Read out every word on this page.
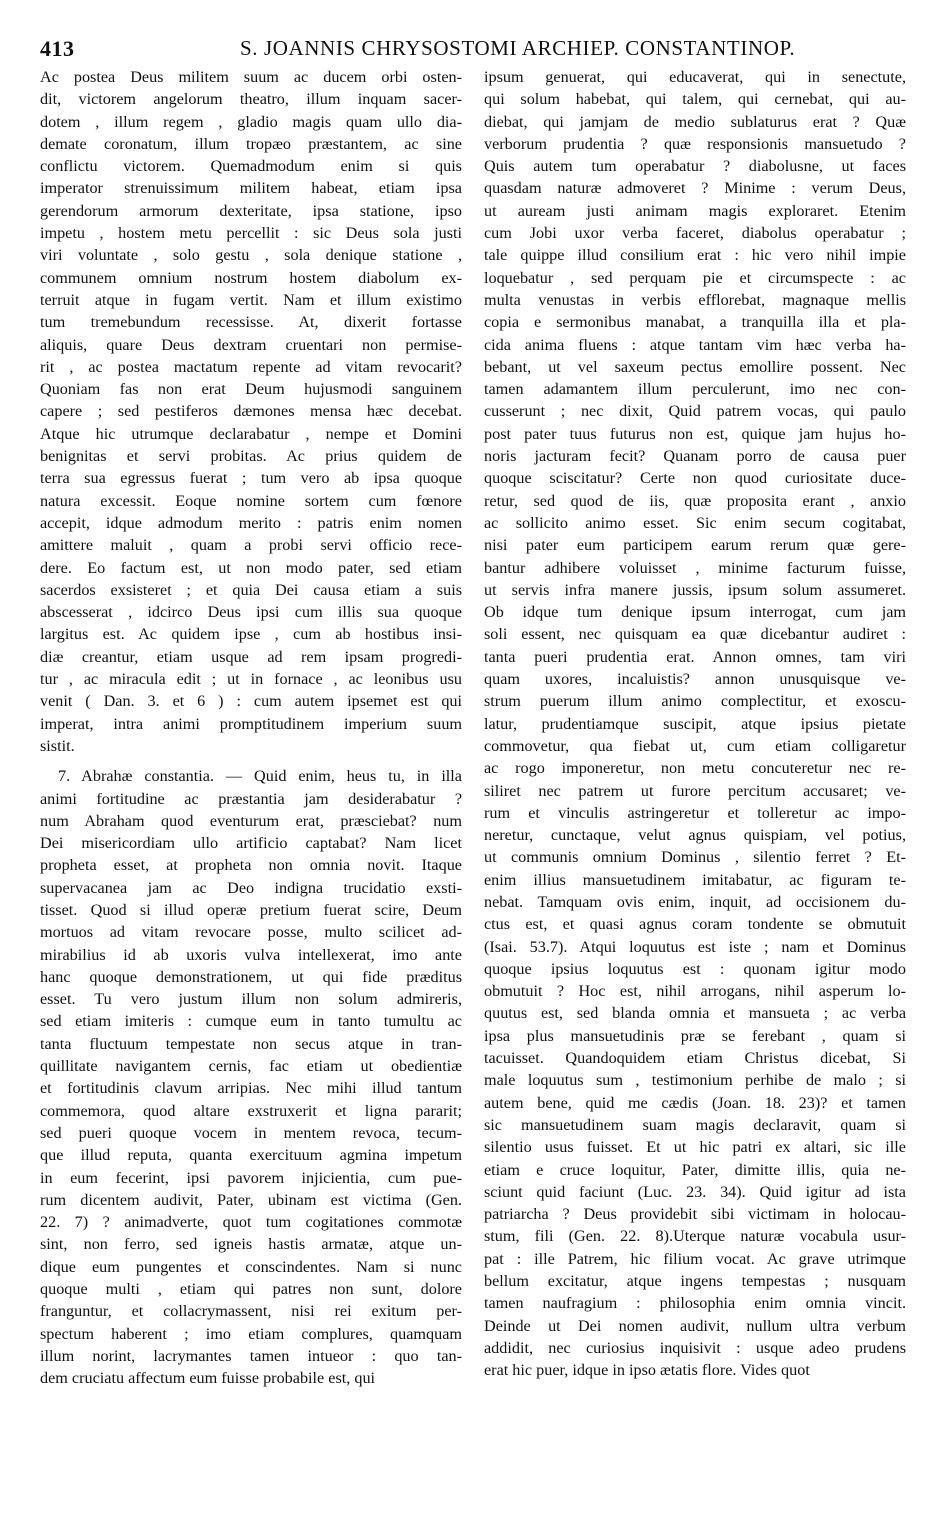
413	S. JOANNIS CHRYSOSTOMI ARCHIEP. CONSTANTINOP.
Ac postea Deus militem suum ac ducem orbi osten-
dit, victorem angelorum theatro, illum inquam sacer-
dotem , illum regem , gladio magis quam ullo dia-
demate coronatum, illum tropæo præstantem, ac sine
conflictu victorem. Quemadmodum enim si quis
imperator strenuissimum militem habeat, etiam ipsa
gerendorum armorum dexteritate, ipsa statione, ipso
impetu , hostem metu percellit : sic Deus sola justi
viri voluntate , solo gestu , sola denique statione ,
communem omnium nostrum hostem diabolum ex-
terruit atque in fugam vertit. Nam et illum existimo
tum tremebundum recessisse. At, dixerit fortasse
aliquis, quare Deus dextram cruentari non permise-
rit , ac postea mactatum repente ad vitam revocarit?
Quoniam fas non erat Deum hujusmodi sanguinem
capere ; sed pestiferos dæmones mensa hæc decebat.
Atque hic utrumque declarabatur , nempe et Domini
benignitas et servi probitas. Ac prius quidem de
terra sua egressus fuerat ; tum vero ab ipsa quoque
natura excessit. Eoque nomine sortem cum fœnore
accepit, idque admodum merito : patris enim nomen
amittere maluit , quam a probi servi officio rece-
dere. Eo factum est, ut non modo pater, sed etiam
sacerdos exsisteret ; et quia Dei causa etiam a suis
abscesserat , idcirco Deus ipsi cum illis sua quoque
largitus est. Ac quidem ipse , cum ab hostibus insi-
diæ creantur, etiam usque ad rem ipsam progredi-
tur , ac miracula edit ; ut in fornace , ac leonibus usu
venit ( Dan. 3. et 6 ) : cum autem ipsemet est qui
imperat, intra animi promptitudinem imperium suum
sistit.
7. Abrahæ constantia. — Quid enim, heus tu, in illa
animi fortitudine ac præstantia jam desiderabatur ?
num Abraham quod eventurum erat, præsciebat? num
Dei misericordiam ullo artificio captabat? Nam licet
propheta esset, at propheta non omnia novit. Itaque
supervacanea jam ac Deo indigna trucidatio exsti-
tisset. Quod si illud operæ pretium fuerat scire, Deum
mortuos ad vitam revocare posse, multo scilicet ad-
mirabilius id ab uxoris vulva intellexerat, imo ante
hanc quoque demonstrationem, ut qui fide præditus
esset. Tu vero justum illum non solum admireris,
sed etiam imiteris : cumque eum in tanto tumultu ac
tanta fluctuum tempestate non secus atque in tran-
quillitate navigantem cernis, fac etiam ut obedientiæ
et fortitudinis clavum arripias. Nec mihi illud tantum
commemora, quod altare exstruxerit et ligna pararit;
sed pueri quoque vocem in mentem revoca, tecum-
que illud reputa, quanta exercituum agmina impetum
in eum fecerint, ipsi pavorem injicientia, cum pue-
rum dicentem audivit, Pater, ubinam est victima (Gen.
22. 7) ? animadverte, quot tum cogitationes commotæ
sint, non ferro, sed igneis hastis armatæ, atque un-
dique eum pungentes et conscindentes. Nam si nunc
quoque multi , etiam qui patres non sunt, dolore
franguntur, et collacrymassent, nisi rei exitum per-
spectum haberent ; imo etiam complures, quamquam
illum norint, lacrymantes tamen intueor : quo tan-
dem cruciatu affectum eum fuisse probabile est, qui
ipsum genuerat, qui educaverat, qui in senectute,
qui solum habebat, qui talem, qui cernebat, qui au-
diebat, qui jamjam de medio sublaturus erat ? Quæ
verborum prudentia ? quæ responsionis mansuetudo ?
Quis autem tum operabatur ? diabolusne, ut faces
quasdam naturæ admoveret ? Minime : verum Deus,
ut auream justi animam magis exploraret. Etenim
cum Jobi uxor verba faceret, diabolus operabatur ;
tale quippe illud consilium erat : hic vero nihil impie
loquebatur , sed perquam pie et circumspecte : ac
multa venustas in verbis efflorebat, magnaque mellis
copia e sermonibus manabat, a tranquilla illa et pla-
cida anima fluens : atque tantam vim hæc verba ha-
bebant, ut vel saxeum pectus emollire possent. Nec
tamen adamantem illum perculerunt, imo nec con-
cusserunt ; nec dixit, Quid patrem vocas, qui paulo
post pater tuus futurus non est, quique jam hujus ho-
noris jacturam fecit? Quanam porro de causa puer
quoque sciscitatur? Certe non quod curiositate duce-
retur, sed quod de iis, quæ proposita erant , anxio
ac sollicito animo esset. Sic enim secum cogitabat,
nisi pater eum participem earum rerum quæ gere-
bantur adhibere voluisset , minime facturum fuisse,
ut servis infra manere jussis, ipsum solum assumeret.
Ob idque tum denique ipsum interrogat, cum jam
soli essent, nec quisquam ea quæ dicebantur audiret :
tanta pueri prudentia erat. Annon omnes, tam viri
quam uxores, incaluistis? annon unusquisque ve-
strum puerum illum animo complectitur, et exoscu-
latur, prudentiamque suscipit, atque ipsius pietate
commovetur, qua fiebat ut, cum etiam colligaretur
ac rogo imponeretur, non metu concuteretur nec re-
siliret nec patrem ut furore percitum accusaret; ve-
rum et vinculis astringeretur et tolleretur ac impo-
neretur, cunctaque, velut agnus quispiam, vel potius,
ut communis omnium Dominus , silentio ferret ? Et-
enim illius mansuetudinem imitabatur, ac figuram te-
nebat. Tamquam ovis enim, inquit, ad occisionem du-
ctus est, et quasi agnus coram tondente se obmutuit
(Isai. 53.7). Atqui loquutus est iste ; nam et Dominus
quoque ipsius loquutus est : quonam igitur modo
obmutuit ? Hoc est, nihil arrogans, nihil asperum lo-
quutus est, sed blanda omnia et mansueta ; ac verba
ipsa plus mansuetudinis præ se ferebant , quam si
tacuisset. Quandoquidem etiam Christus dicebat, Si
male loquutus sum , testimonium perhibe de malo ; si
autem bene, quid me cædis (Joan. 18. 23)? et tamen
sic mansuetudinem suam magis declaravit, quam si
silentio usus fuisset. Et ut hic patri ex altari, sic ille
etiam e cruce loquitur, Pater, dimitte illis, quia ne-
sciunt quid faciunt (Luc. 23. 34). Quid igitur ad ista
patriarcha ? Deus providebit sibi victimam in holocau-
stum, fili (Gen. 22. 8).Uterque naturæ vocabula usur-
pat : ille Patrem, hic filium vocat. Ac grave utrimque
bellum excitatur, atque ingens tempestas ; nusquam
tamen naufragium : philosophia enim omnia vincit.
Deinde ut Dei nomen audivit, nullum ultra verbum
addidit, nec curiosius inquisivit : usque adeo prudens
erat hic puer, idque in ipso ætatis flore. Vides quot
